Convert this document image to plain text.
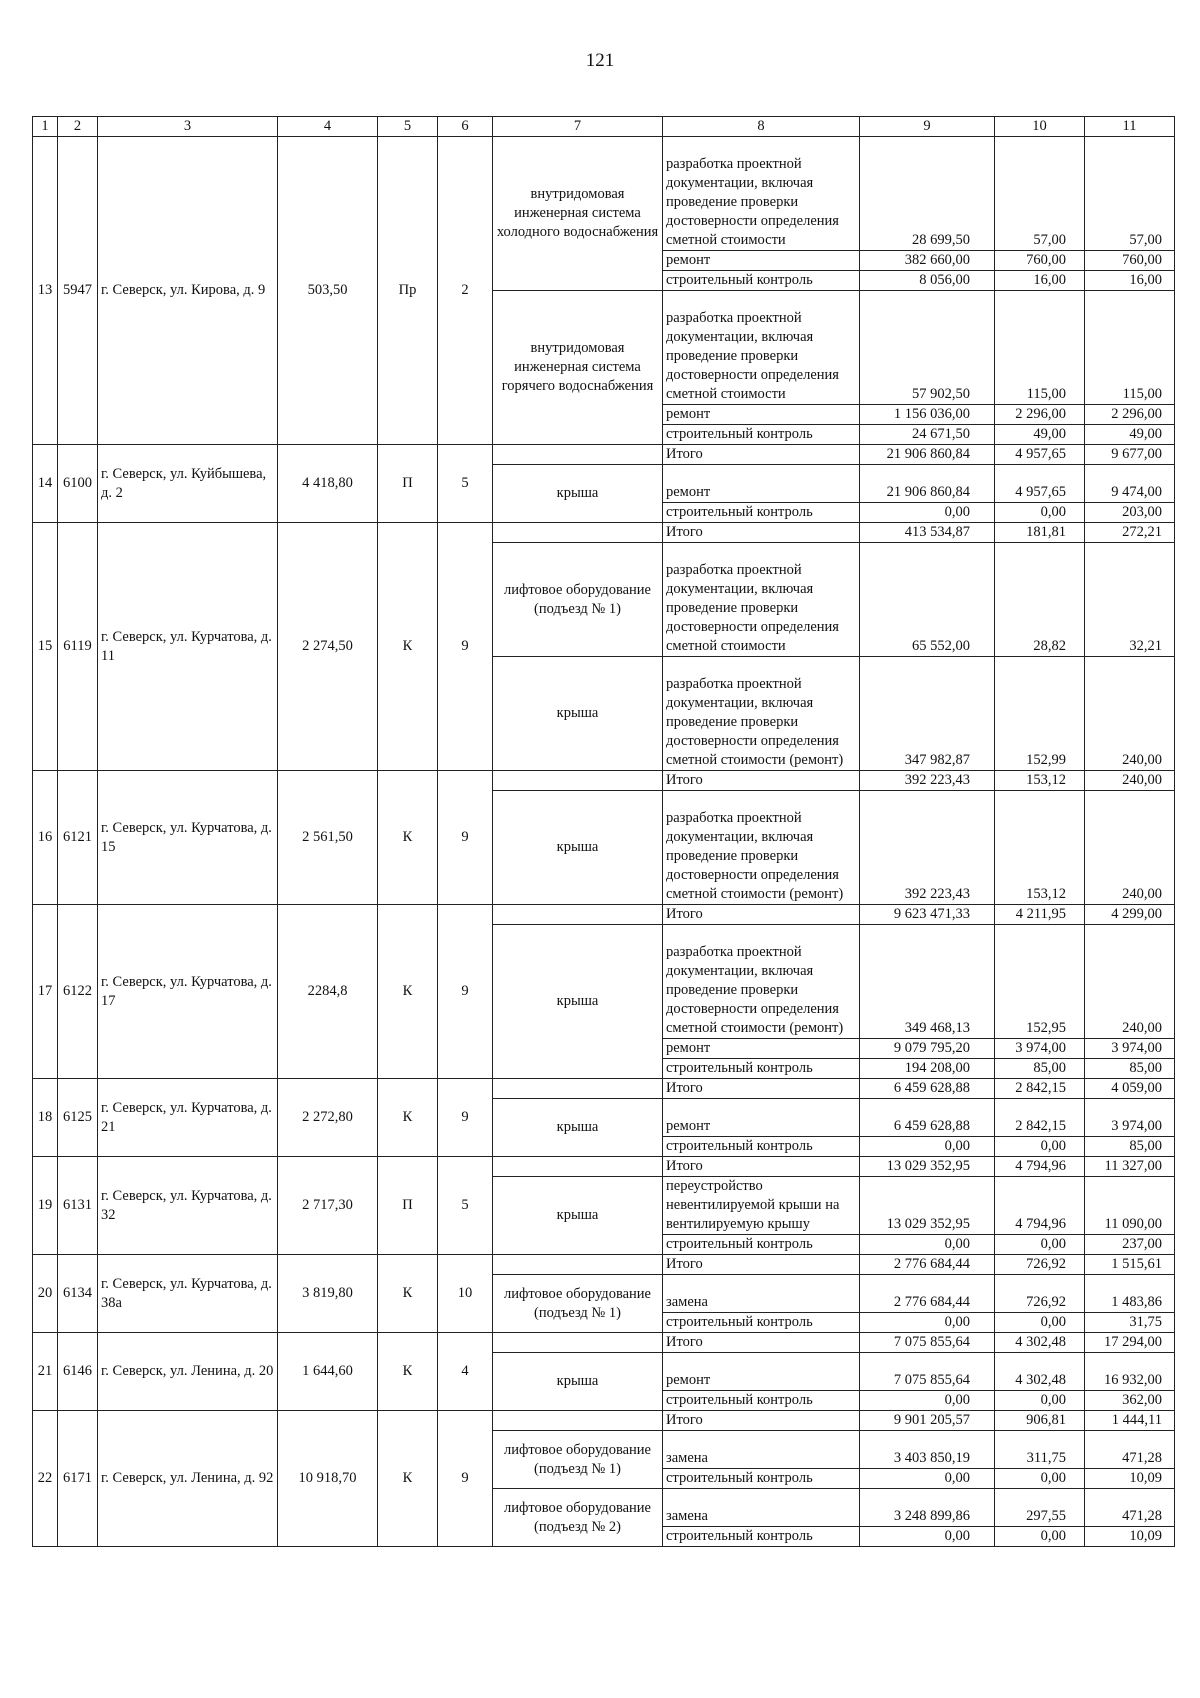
121
1	2	3	4	5	6	7	8	9	10	11
13	5947	г. Северск, ул. Кирова, д. 9	503,50	Пр	2	внутридомовая инженерная система холодного водоснабжения	разработка проектной документации, включая проведение проверки достоверности определения сметной стоимости	28 699,50	57,00	57,00
							ремонт	382 660,00	760,00	760,00
							строительный контроль	8 056,00	16,00	16,00
						внутридомовая инженерная система горячего водоснабжения	разработка проектной документации, включая проведение проверки достоверности определения сметной стоимости	57 902,50	115,00	115,00
							ремонт	1 156 036,00	2 296,00	2 296,00
							строительный контроль	24 671,50	49,00	49,00
14	6100	г. Северск, ул. Куйбышева, д. 2	4 418,80	П	5		Итого	21 906 860,84	4 957,65	9 677,00
						крыша	ремонт	21 906 860,84	4 957,65	9 474,00
							строительный контроль	0,00	0,00	203,00
15	6119	г. Северск, ул. Курчатова, д. 11	2 274,50	К	9		Итого	413 534,87	181,81	272,21
						лифтовое оборудование (подъезд № 1)	разработка проектной документации, включая проведение проверки достоверности определения сметной стоимости	65 552,00	28,82	32,21
						крыша	разработка проектной документации, включая проведение проверки достоверности определения сметной стоимости (ремонт)	347 982,87	152,99	240,00
16	6121	г. Северск, ул. Курчатова, д. 15	2 561,50	К	9		Итого	392 223,43	153,12	240,00
						крыша	разработка проектной документации, включая проведение проверки достоверности определения сметной стоимости (ремонт)	392 223,43	153,12	240,00
17	6122	г. Северск, ул. Курчатова, д. 17	2284,8	К	9		Итого	9 623 471,33	4 211,95	4 299,00
						крыша	разработка проектной документации, включая проведение проверки достоверности определения сметной стоимости (ремонт)	349 468,13	152,95	240,00
							ремонт	9 079 795,20	3 974,00	3 974,00
							строительный контроль	194 208,00	85,00	85,00
18	6125	г. Северск, ул. Курчатова, д. 21	2 272,80	К	9		Итого	6 459 628,88	2 842,15	4 059,00
						крыша	ремонт	6 459 628,88	2 842,15	3 974,00
							строительный контроль	0,00	0,00	85,00
19	6131	г. Северск, ул. Курчатова, д. 32	2 717,30	П	5		Итого	13 029 352,95	4 794,96	11 327,00
						крыша	переустройство невентилируемой крыши на вентилируемую крышу	13 029 352,95	4 794,96	11 090,00
							строительный контроль	0,00	0,00	237,00
20	6134	г. Северск, ул. Курчатова, д. 38а	3 819,80	К	10		Итого	2 776 684,44	726,92	1 515,61
						лифтовое оборудование (подъезд № 1)	замена	2 776 684,44	726,92	1 483,86
							строительный контроль	0,00	0,00	31,75
21	6146	г. Северск, ул. Ленина, д. 20	1 644,60	К	4		Итого	7 075 855,64	4 302,48	17 294,00
						крыша	ремонт	7 075 855,64	4 302,48	16 932,00
							строительный контроль	0,00	0,00	362,00
22	6171	г. Северск, ул. Ленина, д. 92	10 918,70	К	9		Итого	9 901 205,57	906,81	1 444,11
						лифтовое оборудование (подъезд № 1)	замена	3 403 850,19	311,75	471,28
							строительный контроль	0,00	0,00	10,09
						лифтовое оборудование (подъезд № 2)	замена	3 248 899,86	297,55	471,28
							строительный контроль	0,00	0,00	10,09
